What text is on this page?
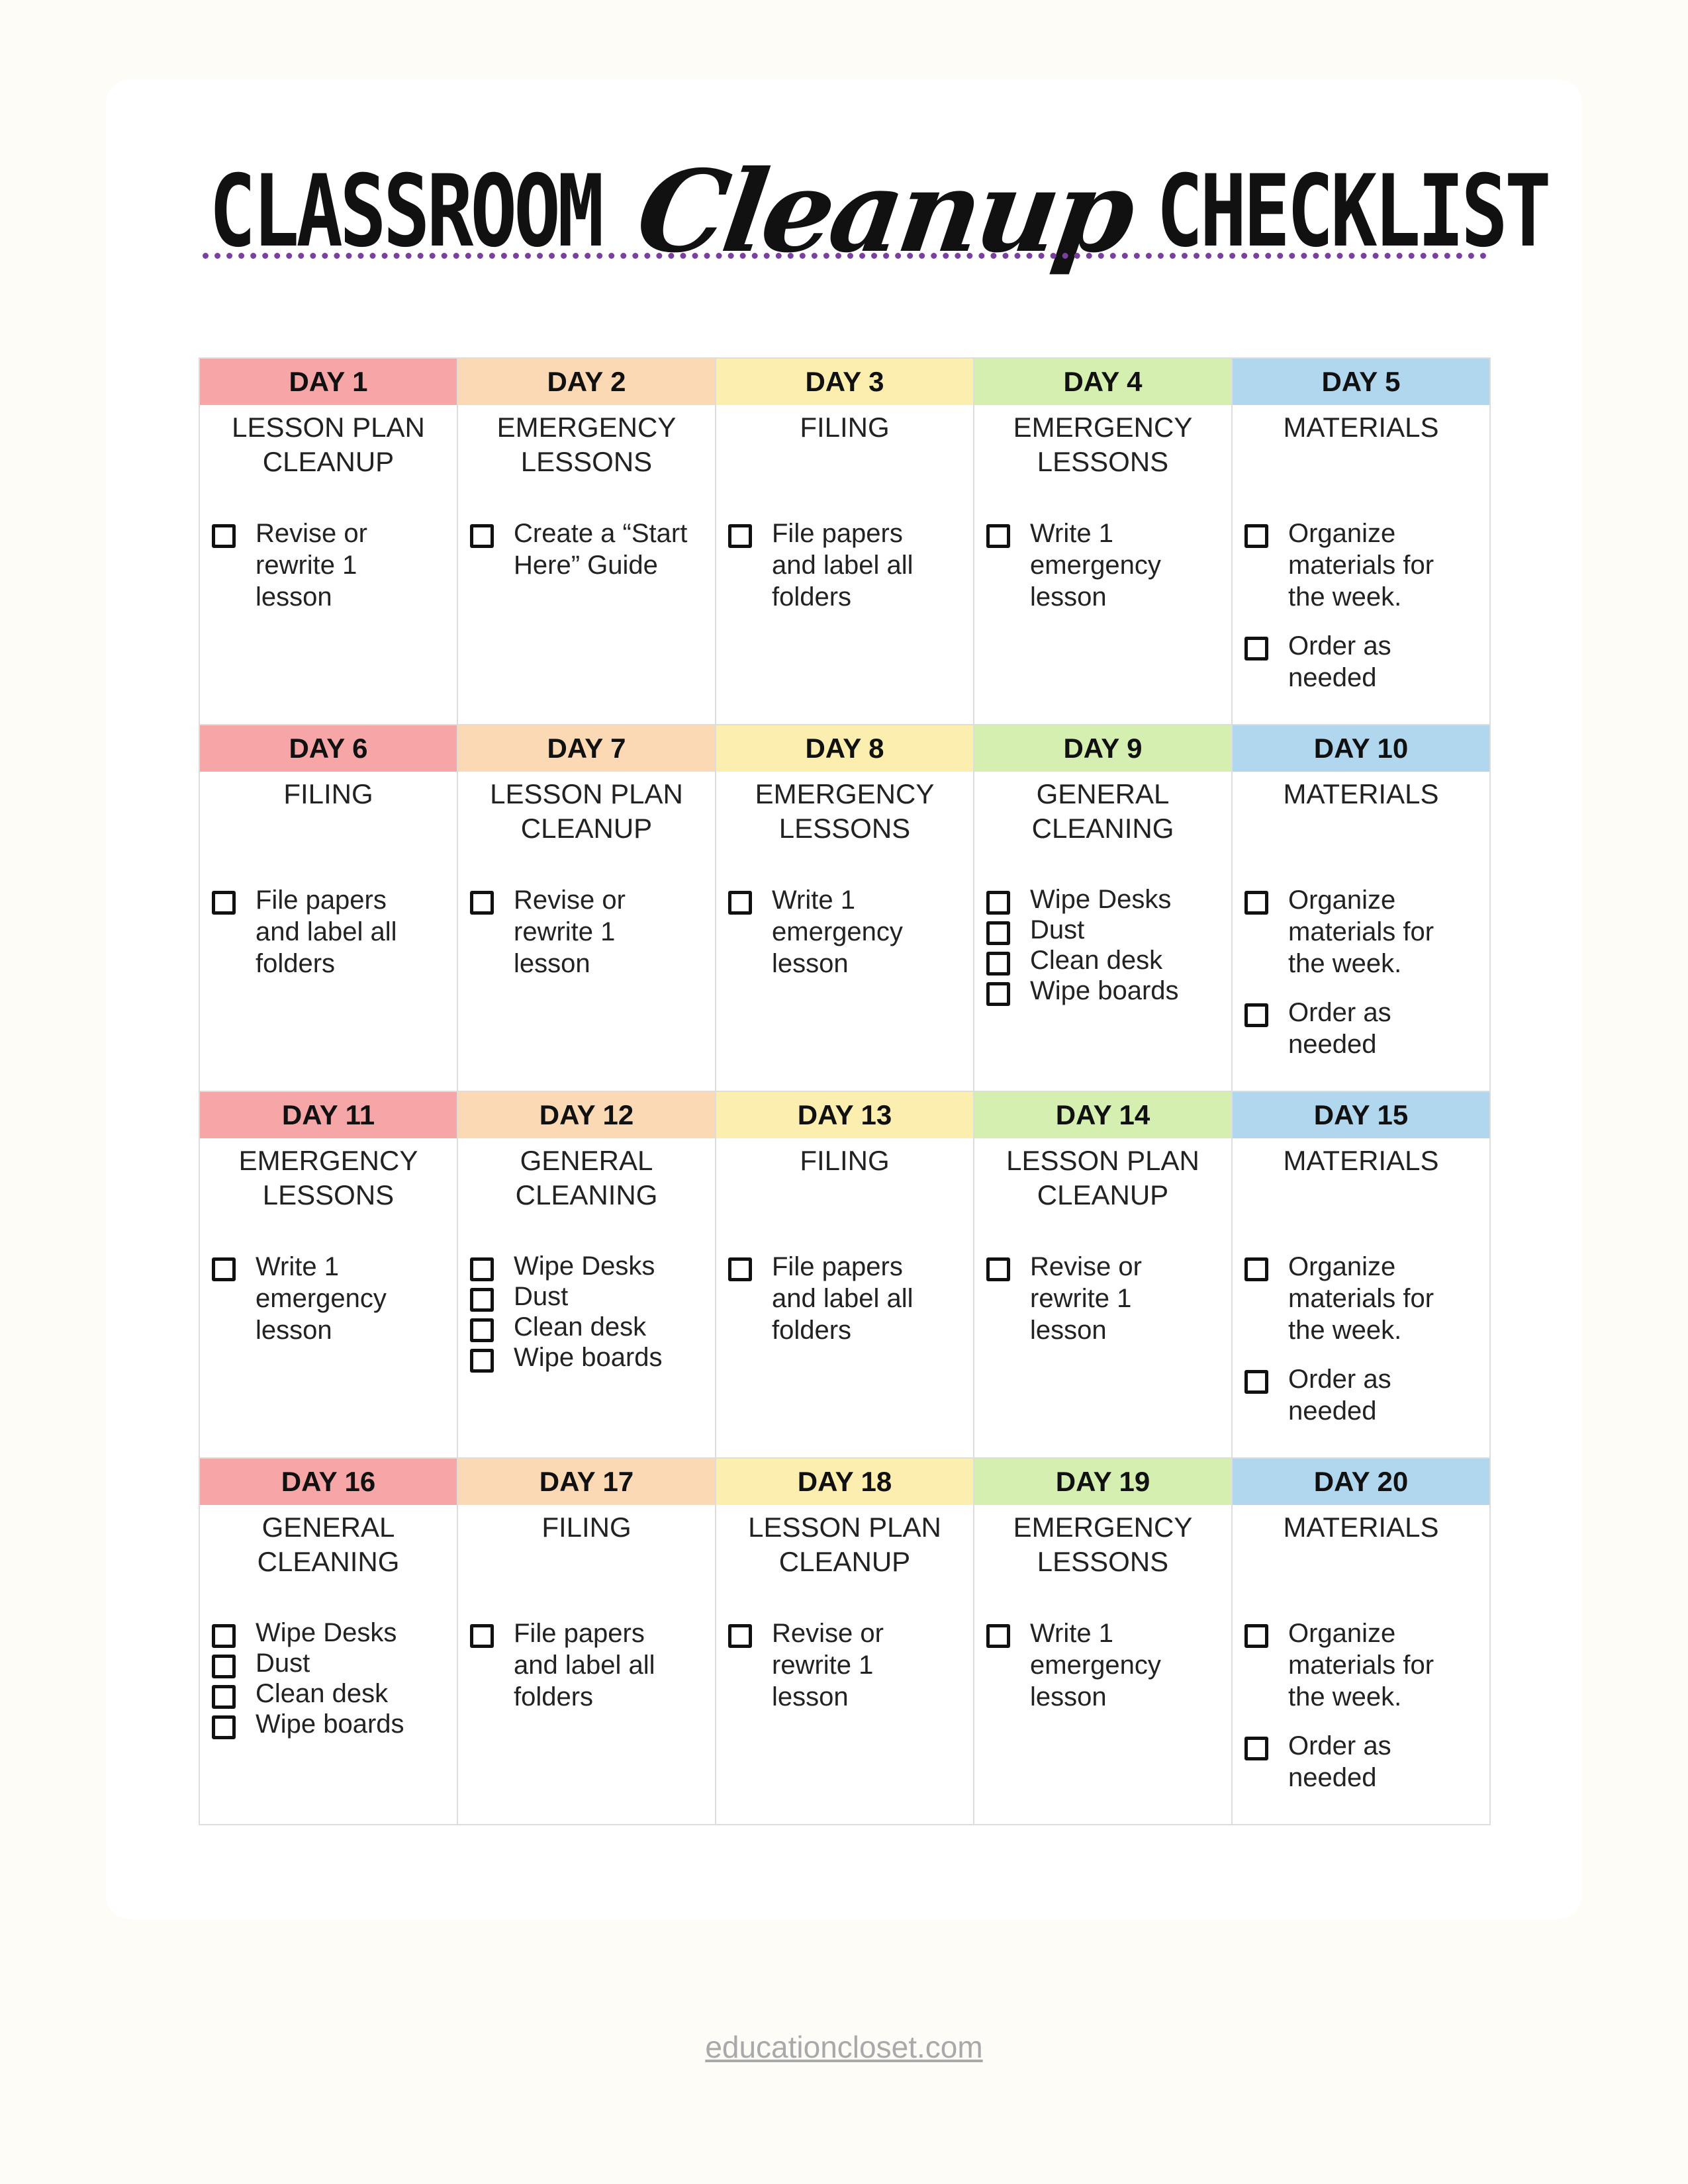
CLASSROOM Cleanup CHECKLIST
DAY 1
LESSON PLAN
CLEANUP
Revise or
rewrite 1
lesson
DAY 2
EMERGENCY
LESSONS
Create a “Start
Here” Guide
DAY 3
FILING
File papers
and label all
folders
DAY 4
EMERGENCY
LESSONS
Write 1
emergency
lesson
DAY 5
MATERIALS
Organize
materials for
the week.
Order as
needed
DAY 6
FILING
File papers
and label all
folders
DAY 7
LESSON PLAN
CLEANUP
Revise or
rewrite 1
lesson
DAY 8
EMERGENCY
LESSONS
Write 1
emergency
lesson
DAY 9
GENERAL
CLEANING
Wipe Desks
Dust
Clean desk
Wipe boards
DAY 10
MATERIALS
Organize
materials for
the week.
Order as
needed
DAY 11
EMERGENCY
LESSONS
Write 1
emergency
lesson
DAY 12
GENERAL
CLEANING
Wipe Desks
Dust
Clean desk
Wipe boards
DAY 13
FILING
File papers
and label all
folders
DAY 14
LESSON PLAN
CLEANUP
Revise or
rewrite 1
lesson
DAY 15
MATERIALS
Organize
materials for
the week.
Order as
needed
DAY 16
GENERAL
CLEANING
Wipe Desks
Dust
Clean desk
Wipe boards
DAY 17
FILING
File papers
and label all
folders
DAY 18
LESSON PLAN
CLEANUP
Revise or
rewrite 1
lesson
DAY 19
EMERGENCY
LESSONS
Write 1
emergency
lesson
DAY 20
MATERIALS
Organize
materials for
the week.
Order as
needed
educationcloset.com
